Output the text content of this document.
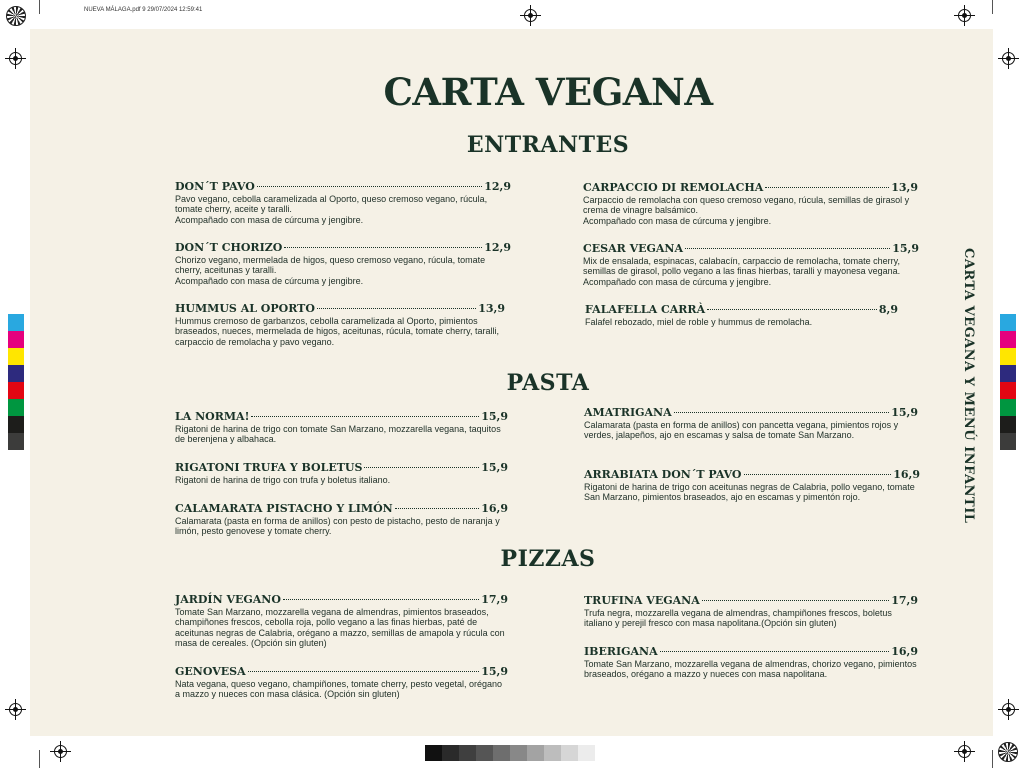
NUEVA MÁLAGA.pdf 9 29/07/2024 12:59:41
CARTA VEGANA
CARTA VEGANA Y MENÚ INFANTIL
ENTRANTES
PASTA
PIZZAS
DON´T PAVO	12,9
Pavo vegano, cebolla caramelizada al Oporto, queso cremoso vegano, rúcula, tomate cherry, aceite y taralli.
Acompañado con masa de cúrcuma y jengibre.
DON´T CHORIZO	12,9
Chorizo vegano, mermelada de higos, queso cremoso vegano, rúcula, tomate cherry, aceitunas y taralli.
Acompañado con masa de cúrcuma y jengibre.
HUMMUS AL OPORTO	13,9
Hummus cremoso de garbanzos, cebolla caramelizada al Oporto, pimientos braseados, nueces, mermelada de higos, aceitunas, rúcula, tomate cherry, taralli, carpaccio de remolacha y pavo vegano.
CARPACCIO DI REMOLACHA	13,9
Carpaccio de remolacha con queso cremoso vegano, rúcula, semillas de girasol y crema de vinagre balsámico.
Acompañado con masa de cúrcuma y jengibre.
CESAR VEGANA	15,9
Mix de ensalada, espinacas, calabacín, carpaccio de remolacha, tomate cherry, semillas de girasol, pollo vegano a las finas hierbas, taralli y mayonesa vegana.
Acompañado con masa de cúrcuma y jengibre.
FALAFELLA CARRÀ	8,9
Falafel rebozado, miel de roble y hummus de remolacha.
LA NORMA!	15,9
Rigatoni de harina de trigo con tomate San Marzano, mozzarella vegana, taquitos de berenjena y albahaca.
RIGATONI TRUFA Y BOLETUS	15,9
Rigatoni de harina de trigo con trufa y boletus italiano.
CALAMARATA PISTACHO Y LIMÓN	16,9
Calamarata (pasta en forma de anillos) con pesto de pistacho, pesto de naranja y limón, pesto genovese y tomate cherry.
AMATRIGANA	15,9
Calamarata (pasta en forma de anillos) con pancetta vegana, pimientos rojos y verdes, jalapeños, ajo en escamas y salsa de tomate San Marzano.
ARRABIATA DON´T PAVO	16,9
Rigatoni de harina de trigo con aceitunas negras de Calabria, pollo vegano, tomate San Marzano, pimientos braseados, ajo en escamas y pimentón rojo.
JARDÍN VEGANO	17,9
Tomate San Marzano, mozzarella vegana de almendras, pimientos braseados, champiñones frescos, cebolla roja, pollo vegano a las finas hierbas, paté de aceitunas negras de Calabria, orégano a mazzo, semillas de amapola y rúcula con masa de cereales. (Opción sin gluten)
GENOVESA	15,9
Nata vegana, queso vegano, champiñones, tomate cherry, pesto vegetal, orégano a mazzo y nueces con masa clásica. (Opción sin gluten)
TRUFINA VEGANA	17,9
Trufa negra, mozzarella vegana de almendras, champiñones frescos, boletus italiano y perejil fresco con masa napolitana.(Opción sin gluten)
IBERIGANA	16,9
Tomate San Marzano, mozzarella vegana de almendras, chorizo vegano, pimientos braseados, orégano a mazzo y nueces con masa napolitana.
